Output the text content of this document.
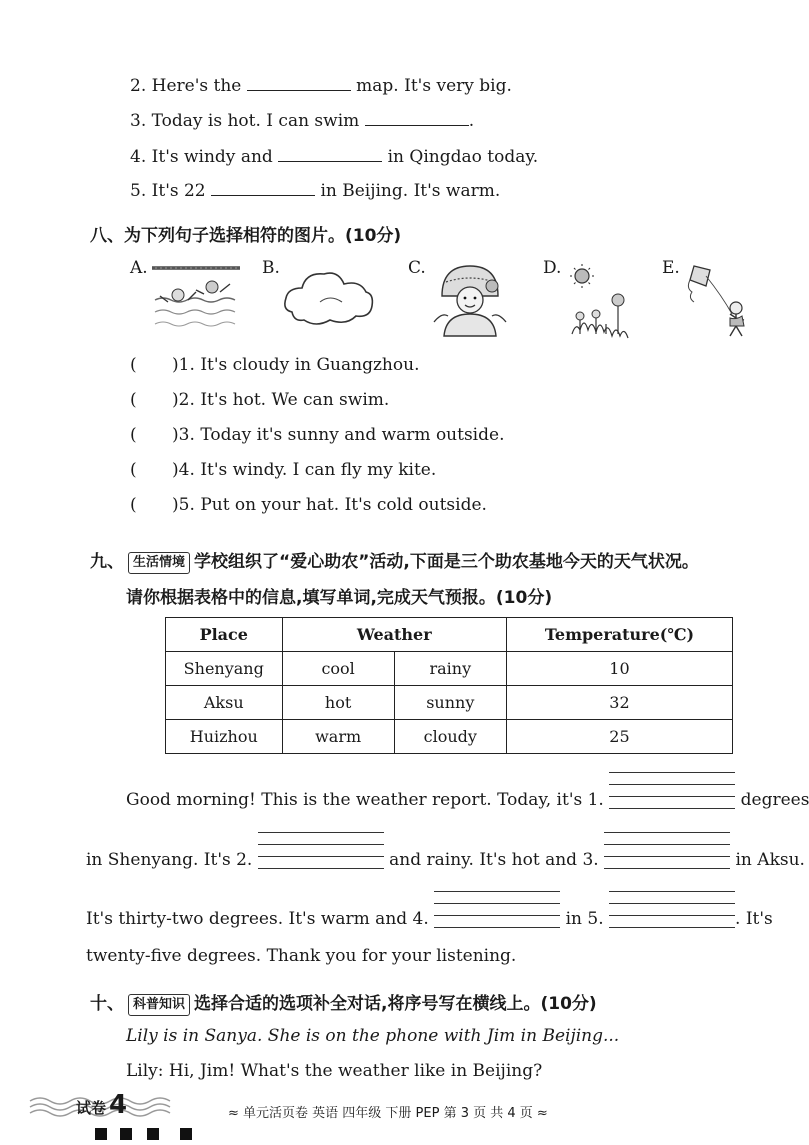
2. Here's the	map. It's very big.
3. Today is hot. I can swim	.
4. It's windy and	in Qingdao today.
5. It's 22	in Beijing. It's warm.
八、为下列句子选择相符的图片。(10分)
A.	B.	C.	D.	E.
( )1. It's cloudy in Guangzhou.
( )2. It's hot. We can swim.
( )3. Today it's sunny and warm outside.
( )4. It's windy. I can fly my kite.
( )5. Put on your hat. It's cold outside.
九、 生活情境 学校组织了“爱心助农”活动,下面是三个助农基地今天的天气状况。
请你根据表格中的信息,填写单词,完成天气预报。(10分)
Place	Weather		Temperature(℃)
Shenyang	cool	rainy	10
Aksu	hot	sunny	32
Huizhou	warm	cloudy	25
Good morning! This is the weather report. Today, it's 1.	degrees
in Shenyang. It's 2.	and rainy. It's hot and 3.	in Aksu.
It's thirty-two degrees. It's warm and 4.	in 5.	. It's
twenty-five degrees. Thank you for your listening.
十、 科普知识 选择合适的选项补全对话,将序号写在横线上。(10分)
Lily is in Sanya. She is on the phone with Jim in Beijing...
Lily: Hi, Jim! What's the weather like in Beijing?
试卷 4	≈ 单元活页卷 英语 四年级 下册 PEP 第 3 页 共 4 页 ≈
